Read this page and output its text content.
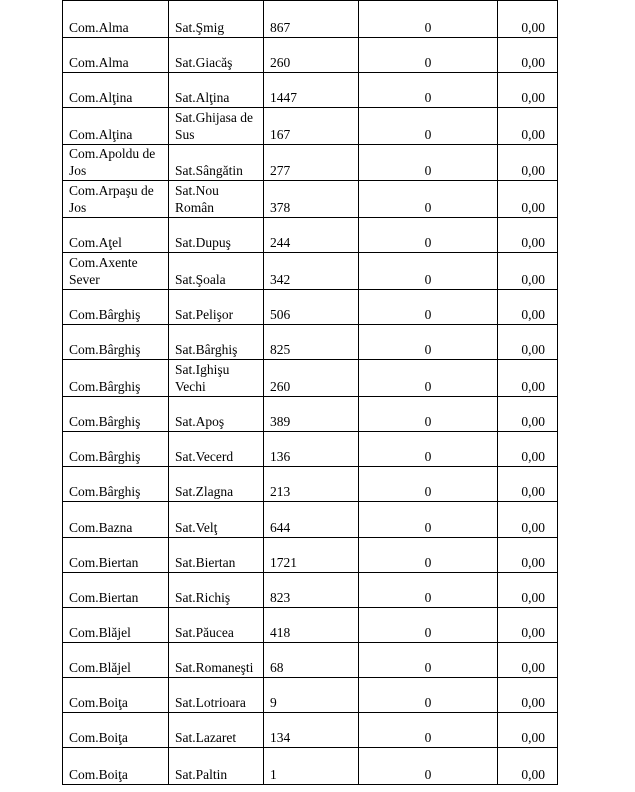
Com.Alma	Sat.Şmig	867	0	0,00
Com.Alma	Sat.Giacăş	260	0	0,00
Com.Alţina	Sat.Alţina	1447	0	0,00
Com.Alţina	Sat.Ghijasa de Sus	167	0	0,00
Com.Apoldu de Jos	Sat.Sângătin	277	0	0,00
Com.Arpaşu de Jos	Sat.Nou Român	378	0	0,00
Com.Aţel	Sat.Dupuş	244	0	0,00
Com.Axente Sever	Sat.Şoala	342	0	0,00
Com.Bârghiş	Sat.Pelişor	506	0	0,00
Com.Bârghiş	Sat.Bârghiş	825	0	0,00
Com.Bârghiş	Sat.Ighişu Vechi	260	0	0,00
Com.Bârghiş	Sat.Apoş	389	0	0,00
Com.Bârghiş	Sat.Vecerd	136	0	0,00
Com.Bârghiş	Sat.Zlagna	213	0	0,00
Com.Bazna	Sat.Velţ	644	0	0,00
Com.Biertan	Sat.Biertan	1721	0	0,00
Com.Biertan	Sat.Richiş	823	0	0,00
Com.Blăjel	Sat.Păucea	418	0	0,00
Com.Blăjel	Sat.Romaneşti	68	0	0,00
Com.Boiţa	Sat.Lotrioara	9	0	0,00
Com.Boiţa	Sat.Lazaret	134	0	0,00
Com.Boiţa	Sat.Paltin	1	0	0,00
